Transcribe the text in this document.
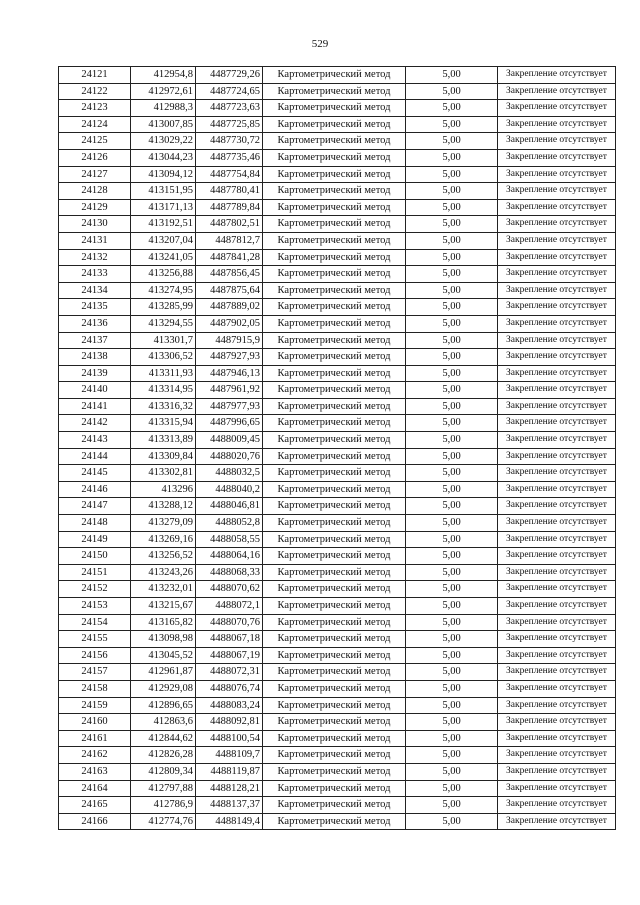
529
24121	412954,8	4487729,26	Картометрический метод	5,00	Закрепление отсутствует
24122	412972,61	4487724,65	Картометрический метод	5,00	Закрепление отсутствует
24123	412988,3	4487723,63	Картометрический метод	5,00	Закрепление отсутствует
24124	413007,85	4487725,85	Картометрический метод	5,00	Закрепление отсутствует
24125	413029,22	4487730,72	Картометрический метод	5,00	Закрепление отсутствует
24126	413044,23	4487735,46	Картометрический метод	5,00	Закрепление отсутствует
24127	413094,12	4487754,84	Картометрический метод	5,00	Закрепление отсутствует
24128	413151,95	4487780,41	Картометрический метод	5,00	Закрепление отсутствует
24129	413171,13	4487789,84	Картометрический метод	5,00	Закрепление отсутствует
24130	413192,51	4487802,51	Картометрический метод	5,00	Закрепление отсутствует
24131	413207,04	4487812,7	Картометрический метод	5,00	Закрепление отсутствует
24132	413241,05	4487841,28	Картометрический метод	5,00	Закрепление отсутствует
24133	413256,88	4487856,45	Картометрический метод	5,00	Закрепление отсутствует
24134	413274,95	4487875,64	Картометрический метод	5,00	Закрепление отсутствует
24135	413285,99	4487889,02	Картометрический метод	5,00	Закрепление отсутствует
24136	413294,55	4487902,05	Картометрический метод	5,00	Закрепление отсутствует
24137	413301,7	4487915,9	Картометрический метод	5,00	Закрепление отсутствует
24138	413306,52	4487927,93	Картометрический метод	5,00	Закрепление отсутствует
24139	413311,93	4487946,13	Картометрический метод	5,00	Закрепление отсутствует
24140	413314,95	4487961,92	Картометрический метод	5,00	Закрепление отсутствует
24141	413316,32	4487977,93	Картометрический метод	5,00	Закрепление отсутствует
24142	413315,94	4487996,65	Картометрический метод	5,00	Закрепление отсутствует
24143	413313,89	4488009,45	Картометрический метод	5,00	Закрепление отсутствует
24144	413309,84	4488020,76	Картометрический метод	5,00	Закрепление отсутствует
24145	413302,81	4488032,5	Картометрический метод	5,00	Закрепление отсутствует
24146	413296	4488040,2	Картометрический метод	5,00	Закрепление отсутствует
24147	413288,12	4488046,81	Картометрический метод	5,00	Закрепление отсутствует
24148	413279,09	4488052,8	Картометрический метод	5,00	Закрепление отсутствует
24149	413269,16	4488058,55	Картометрический метод	5,00	Закрепление отсутствует
24150	413256,52	4488064,16	Картометрический метод	5,00	Закрепление отсутствует
24151	413243,26	4488068,33	Картометрический метод	5,00	Закрепление отсутствует
24152	413232,01	4488070,62	Картометрический метод	5,00	Закрепление отсутствует
24153	413215,67	4488072,1	Картометрический метод	5,00	Закрепление отсутствует
24154	413165,82	4488070,76	Картометрический метод	5,00	Закрепление отсутствует
24155	413098,98	4488067,18	Картометрический метод	5,00	Закрепление отсутствует
24156	413045,52	4488067,19	Картометрический метод	5,00	Закрепление отсутствует
24157	412961,87	4488072,31	Картометрический метод	5,00	Закрепление отсутствует
24158	412929,08	4488076,74	Картометрический метод	5,00	Закрепление отсутствует
24159	412896,65	4488083,24	Картометрический метод	5,00	Закрепление отсутствует
24160	412863,6	4488092,81	Картометрический метод	5,00	Закрепление отсутствует
24161	412844,62	4488100,54	Картометрический метод	5,00	Закрепление отсутствует
24162	412826,28	4488109,7	Картометрический метод	5,00	Закрепление отсутствует
24163	412809,34	4488119,87	Картометрический метод	5,00	Закрепление отсутствует
24164	412797,88	4488128,21	Картометрический метод	5,00	Закрепление отсутствует
24165	412786,9	4488137,37	Картометрический метод	5,00	Закрепление отсутствует
24166	412774,76	4488149,4	Картометрический метод	5,00	Закрепление отсутствует
